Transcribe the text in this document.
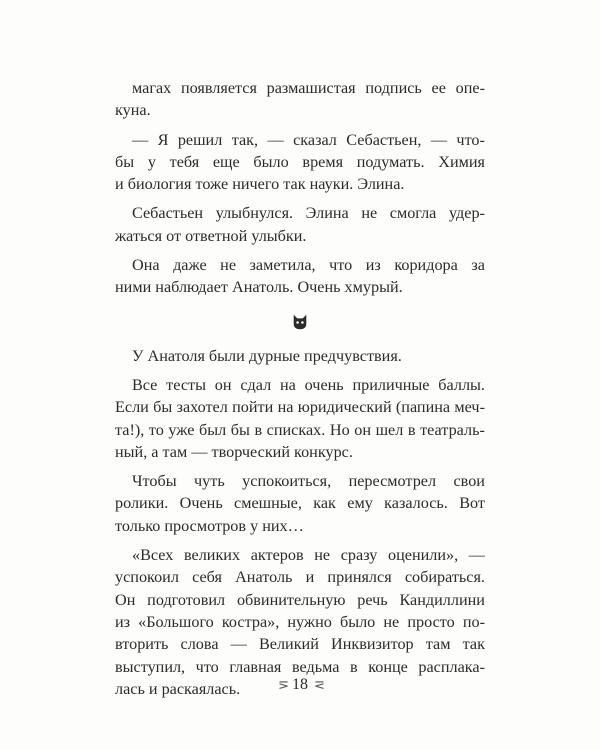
магах появляется размашистая подпись ее опе-
куна.
— Я решил так, — сказал Себастьен, — что-
бы у тебя еще было время подумать. Химия
и биология тоже ничего так науки. Элина.
Себастьен улыбнулся. Элина не смогла удер-
жаться от ответной улыбки.
Она даже не заметила, что из коридора за
ними наблюдает Анатоль. Очень хмурый.
У Анатоля были дурные предчувствия.
Все тесты он сдал на очень приличные баллы.
Если бы захотел пойти на юридический (папина меч-
та!), то уже был бы в списках. Но он шел в театраль-
ный, а там — творческий конкурс.
Чтобы чуть успокоиться, пересмотрел свои
ролики. Очень смешные, как ему казалось. Вот
только просмотров у них…
«Всех великих актеров не сразу оценили», —
успокоил себя Анатоль и принялся собираться.
Он подготовил обвинительную речь Кандиллини
из «Большого костра», нужно было не просто по-
вторить слова — Великий Инквизитор там так
выступил, что главная ведьма в конце расплака-
лась и раскаялась.	⋝ 18 ⋜
